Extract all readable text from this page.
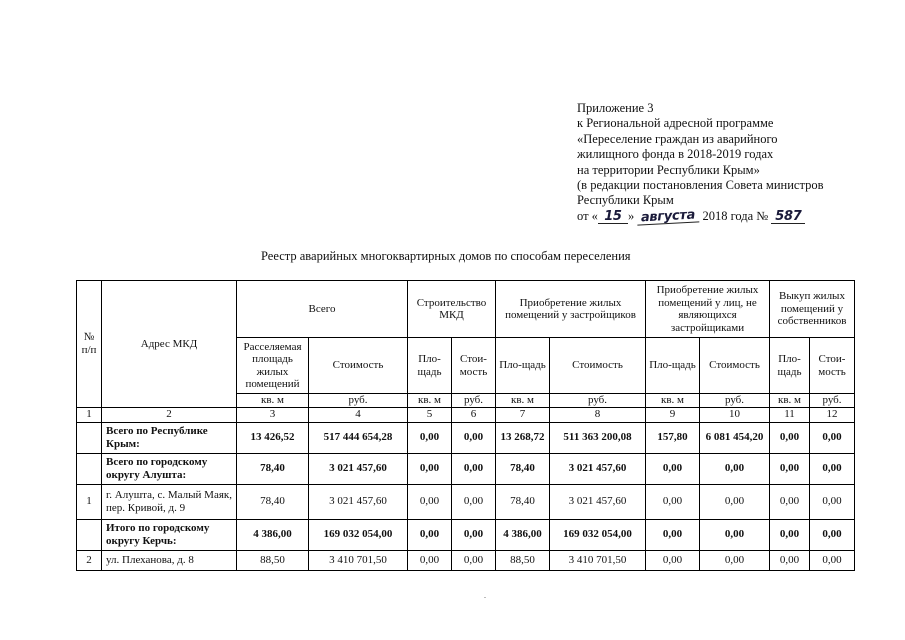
Приложение 3
к Региональной адресной программе
«Переселение граждан из аварийного
жилищного фонда в 2018-2019 годах
на территории Республики Крым»
(в редакции постановления Совета министров
Республики Крым
от « 15 » августа 2018 года № 587
Реестр аварийных многоквартирных домов по способам переселения
№ п/п	Адрес МКД	Всего		Строительство МКД		Приобретение жилых помещений у застройщиков		Приобретение жилых помещений у лиц, не являющихся застройщиками		Выкуп жилых помещений у собственников	
		Расселяемая площадь жилых помещений	Стоимость	Пло-щадь	Стои-мость	Пло-щадь	Стоимость	Пло-щадь	Стоимость	Пло-щадь	Стои-мость
		кв. м	руб.	кв. м	руб.	кв. м	руб.	кв. м	руб.	кв. м	руб.
1	2	3	4	5	6	7	8	9	10	11	12
	Всего по Республике Крым:	13 426,52	517 444 654,28	0,00	0,00	13 268,72	511 363 200,08	157,80	6 081 454,20	0,00	0,00
	Всего по городскому округу Алушта:	78,40	3 021 457,60	0,00	0,00	78,40	3 021 457,60	0,00	0,00	0,00	0,00
1	г. Алушта, с. Малый Маяк, пер. Кривой, д. 9	78,40	3 021 457,60	0,00	0,00	78,40	3 021 457,60	0,00	0,00	0,00	0,00
	Итого по городскому округу Керчь:	4 386,00	169 032 054,00	0,00	0,00	4 386,00	169 032 054,00	0,00	0,00	0,00	0,00
2	ул. Плеханова, д. 8	88,50	3 410 701,50	0,00	0,00	88,50	3 410 701,50	0,00	0,00	0,00	0,00
